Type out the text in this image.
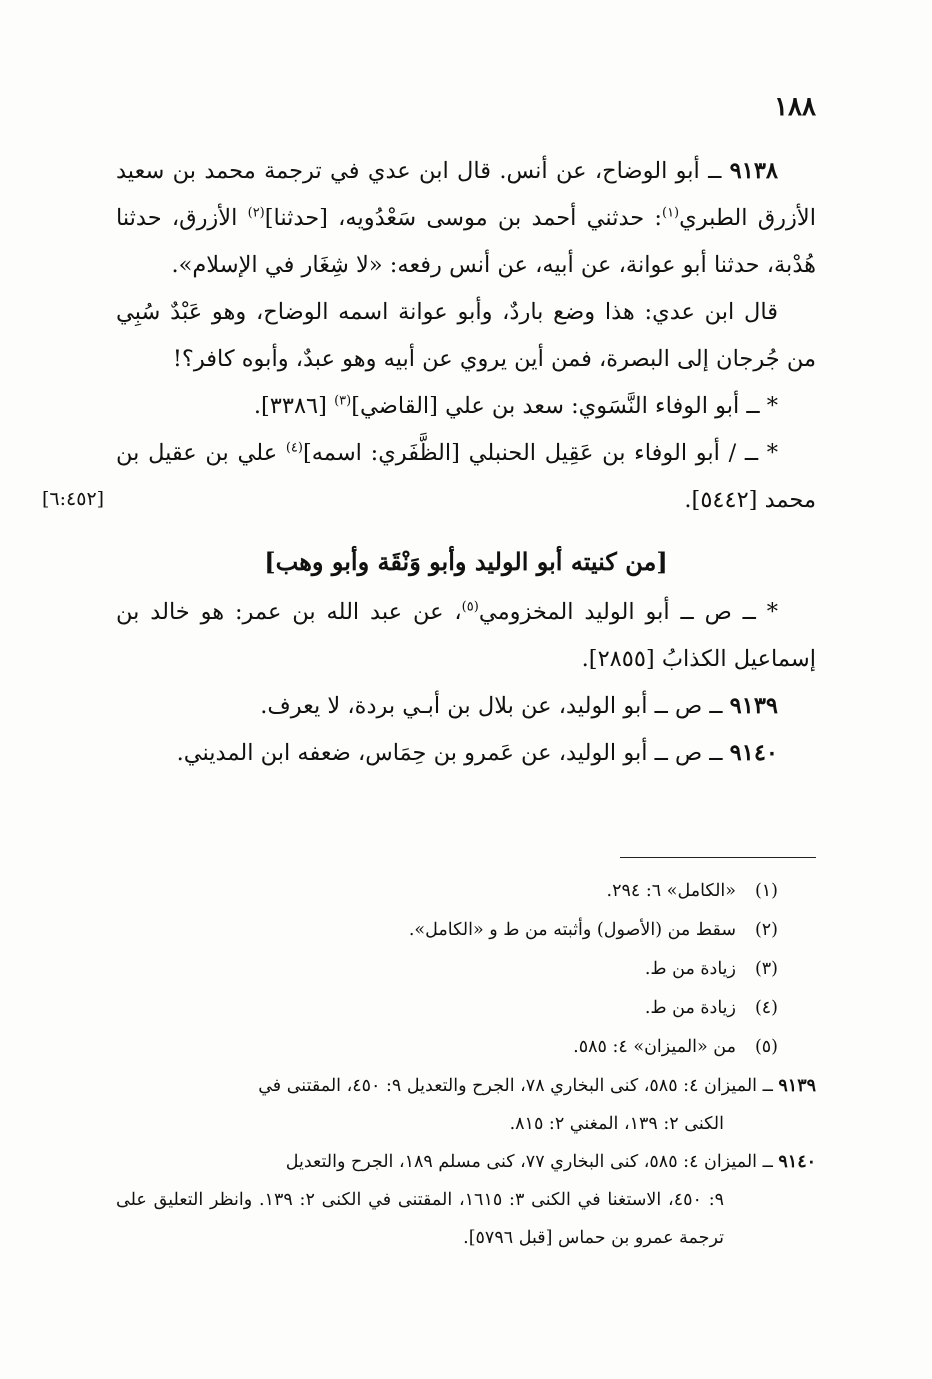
١٨٨
[٦:٤٥٢]

٩١٣٨ ــ أبو الوضاح، عن أنس. قال ابن عدي في ترجمة محمد بن سعيد الأزرق الطبري$^{(١)}$: حدثني أحمد بن موسى سَعْدُويه، [حدثنا]$^{(٢)}$ الأزرق، حدثنا هُدْبة، حدثنا أبو عوانة، عن أبيه، عن أنس رفعه: «لا شِغَار في الإسلام».

قال ابن عدي: هذا وضع باردٌ، وأبو عوانة اسمه الوضاح، وهو عَبْدٌ سُبِي من جُرجان إلى البصرة، فمن أين يروي عن أبيه وهو عبدٌ، وأبوه كافر؟!

* ــ أبو الوفاء النَّسَوي: سعد بن علي [القاضي]$^{(٣)}$ [٣٣٨٦].

* ــ / أبو الوفاء بن عَقِيل الحنبلي [الظَّفَري: اسمه]$^{(٤)}$ علي بن عقيل بن محمد [٥٤٤٢].

[من كنيته أبو الوليد وأبو وَنْقَة وأبو وهب]

* ــ ص ــ أبو الوليد المخزومي$^{(٥)}$، عن عبد الله بن عمر: هو خالد بن إسماعيل الكذابُ [٢٨٥٥].

٩١٣٩ ــ ص ــ أبو الوليد، عن بلال بن أبـي بردة، لا يعرف.

٩١٤٠ ــ ص ــ أبو الوليد، عن عَمرو بن حِمَاس، ضعفه ابن المديني.

(١)«الكامل» ٦: ٢٩٤.

(٢)سقط من (الأصول) وأثبته من ط و «الكامل».

(٣)زيادة من ط.

(٤)زيادة من ط.

(٥)من «الميزان» ٤: ٥٨٥.

٩١٣٩ ــ الميزان ٤: ٥٨٥، كنى البخاري ٧٨، الجرح والتعديل ٩: ٤٥٠، المقتنى في
الكنى ٢: ١٣٩، المغني ٢: ٨١٥.

٩١٤٠ ــ الميزان ٤: ٥٨٥، كنى البخاري ٧٧، كنى مسلم ١٨٩، الجرح والتعديل
٩: ٤٥٠، الاستغنا في الكنى ٣: ١٦١٥، المقتنى في الكنى ٢: ١٣٩. وانظر التعليق على ترجمة عمرو بن حماس [قبل ٥٧٩٦].
